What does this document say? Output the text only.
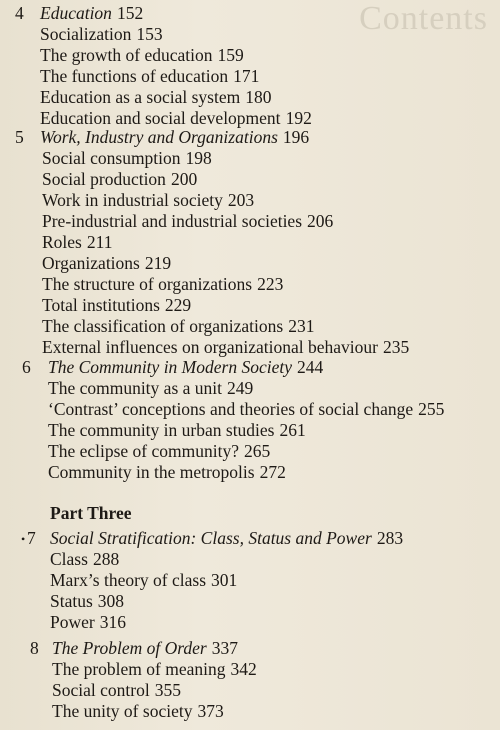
Contents
4 Education 152
Socialization 153
The growth of education 159
The functions of education 171
Education as a social system 180
Education and social development 192
5 Work, Industry and Organizations 196
Social consumption 198
Social production 200
Work in industrial society 203
Pre-industrial and industrial societies 206
Roles 211
Organizations 219
The structure of organizations 223
Total institutions 229
The classification of organizations 231
External influences on organizational behaviour 235
6 The Community in Modern Society 244
The community as a unit 249
‘Contrast’ conceptions and theories of social change 255
The community in urban studies 261
The eclipse of community? 265
Community in the metropolis 272
Part Three
• 7 Social Stratification: Class, Status and Power 283
Class 288
Marx’s theory of class 301
Status 308
Power 316
8 The Problem of Order 337
The problem of meaning 342
Social control 355
The unity of society 373
